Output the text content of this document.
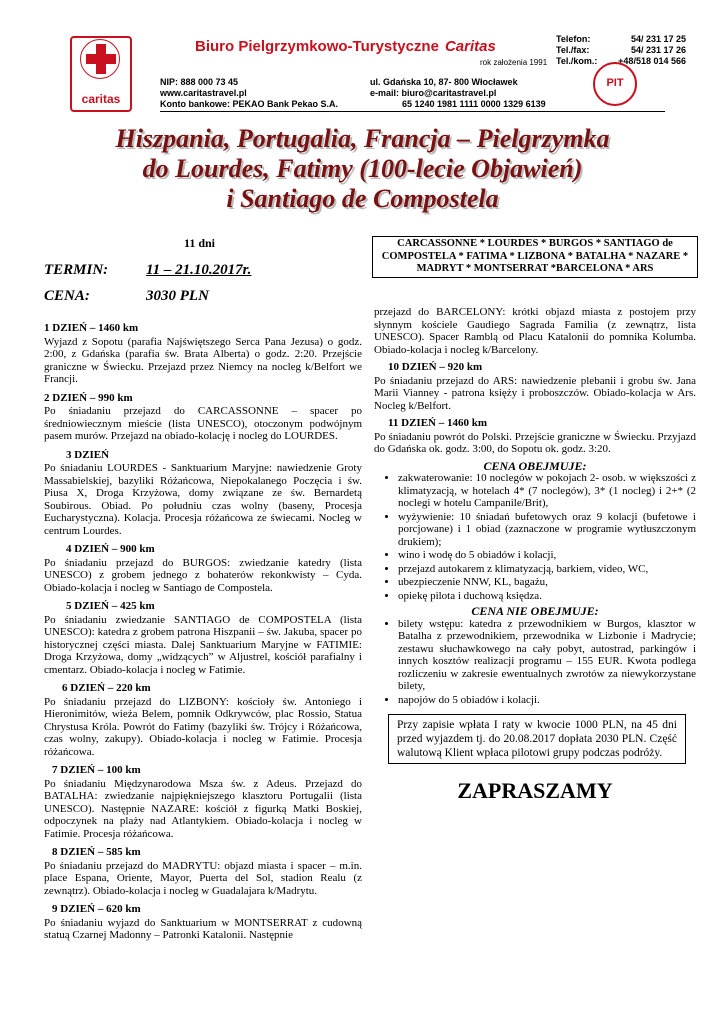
caritas
Biuro Pielgrzymkowo-Turystyczne Caritas
rok założenia 1991
Telefon:	54/ 231 17 25
Tel./fax:	54/ 231 17 26
Tel./kom.: +48/518 014 566
NIP: 888 000 73 45
www.caritastravel.pl
Konto bankowe: PEKAO Bank Pekao S.A.
ul. Gdańska 10, 87- 800 Włocławek
e-mail: biuro@caritastravel.pl
65 1240 1981 1111 0000 1329 6139
PIT
Hiszpania, Portugalia, Francja – Pielgrzymka
do Lourdes, Fatimy (100-lecie Objawień)
i Santiago de Compostela
11 dni
TERMIN:	11 – 21.10.2017r.
CENA:	3030 PLN
CARCASSONNE * LOURDES * BURGOS * SANTIAGO de COMPOSTELA * FATIMA * LIZBONA * BATALHA * NAZARE * MADRYT * MONTSERRAT *BARCELONA * ARS

1 DZIEŃ – 1460 km

Wyjazd z Sopotu (parafia Najświętszego Serca Pana Jezusa) o godz. 2:00, z Gdańska (parafia św. Brata Alberta) o godz. 2:20. Przejście graniczne w Świecku. Przejazd przez Niemcy na nocleg k/Belfort we Francji.

2 DZIEŃ – 990 km

Po śniadaniu przejazd do CARCASSONNE – spacer po średniowiecznym mieście (lista UNESCO), otoczonym podwójnym pasem murów. Przejazd na obiado-kolację i nocleg do LOURDES.

3 DZIEŃ

Po śniadaniu LOURDES - Sanktuarium Maryjne: nawiedzenie Groty Massabielskiej, bazyliki Różańcowa, Niepokalanego Poczęcia i św. Piusa X, Droga Krzyżowa, domy związane ze św. Bernardetą Soubirous. Obiad. Po południu czas wolny (baseny, Procesja Eucharystyczna). Kolacja. Procesja różańcowa ze świecami. Nocleg w centrum Lourdes.

4 DZIEŃ – 900 km

Po śniadaniu przejazd do BURGOS: zwiedzanie katedry (lista UNESCO) z grobem jednego z bohaterów rekonkwisty – Cyda. Obiado-kolacja i nocleg w Santiago de Compostela.

5 DZIEŃ – 425 km

Po śniadaniu zwiedzanie SANTIAGO de COMPOSTELA (lista UNESCO): katedra z grobem patrona Hiszpanii – św. Jakuba, spacer po historycznej części miasta. Dalej Sanktuarium Maryjne w FATIMIE: Droga Krzyżowa, domy „widzących” w Aljustrel, kościół parafialny i cmentarz. Obiado-kolacja i nocleg w Fatimie.

6 DZIEŃ – 220 km

Po śniadaniu przejazd do LIZBONY: kościoły św. Antoniego i Hieronimitów, wieża Belem, pomnik Odkrywców, plac Rossio, Statua Chrystusa Króla. Powrót do Fatimy (bazyliki św. Trójcy i Różańcowa, czas wolny, zakupy). Obiado-kolacja i nocleg w Fatimie. Procesja różańcowa.

7 DZIEŃ – 100 km

Po śniadaniu Międzynarodowa Msza św. z Adeus. Przejazd do BATALHA: zwiedzanie najpiękniejszego klasztoru Portugalii (lista UNESCO). Następnie NAZARE: kościół z figurką Matki Boskiej, odpoczynek na plaży nad Atlantykiem. Obiado-kolacja i nocleg w Fatimie. Procesja różańcowa.

8 DZIEŃ – 585 km

Po śniadaniu przejazd do MADRYTU: objazd miasta i spacer – m.in. place Espana, Oriente, Mayor, Puerta del Sol, stadion Realu (z zewnątrz). Obiado-kolacja i nocleg w Guadalajara k/Madrytu.

9 DZIEŃ – 620 km

Po śniadaniu wyjazd do Sanktuarium w MONTSERRAT z cudowną statuą Czarnej Madonny – Patronki Katalonii. Następnie

przejazd do BARCELONY: krótki objazd miasta z postojem przy słynnym kościele Gaudiego Sagrada Familia (z zewnątrz, lista UNESCO). Spacer Ramblą od Placu Katalonii do pomnika Kolumba. Obiado-kolacja i nocleg k/Barcelony.

10 DZIEŃ – 920 km

Po śniadaniu przejazd do ARS: nawiedzenie plebanii i grobu św. Jana Marii Vianney - patrona księży i proboszczów. Obiado-kolacja w Ars. Nocleg k/Belfort.

11 DZIEŃ – 1460 km

Po śniadaniu powrót do Polski. Przejście graniczne w Świecku. Przyjazd do Gdańska ok. godz. 3:00, do Sopotu ok. godz. 3:20.

CENA OBEJMUJE:
• zakwaterowanie: 10 noclegów w pokojach 2- osob. w większości z klimatyzacją, w hotelach 4* (7 noclegów), 3* (1 nocleg) i 2+* (2 noclegi w hotelu Campanile/Brit),
• wyżywienie: 10 śniadań bufetowych oraz 9 kolacji (bufetowe i porcjowane) i 1 obiad (zaznaczone w programie wytłuszczonym drukiem);
• wino i wodę do 5 obiadów i kolacji,
• przejazd autokarem z klimatyzacją, barkiem, video, WC,
• ubezpieczenie NNW, KL, bagażu,
• opiekę pilota i duchową księdza.
CENA NIE OBEJMUJE:
• bilety wstępu: katedra z przewodnikiem w Burgos, klasztor w Batalha z przewodnikiem, przewodnika w Lizbonie i Madrycie; zestawu słuchawkowego na cały pobyt, autostrad, parkingów i innych kosztów realizacji programu – 155 EUR. Kwota podlega rozliczeniu w zakresie ewentualnych zwrotów za niewykorzystane bilety,
• napojów do 5 obiadów i kolacji.
Przy zapisie wpłata I raty w kwocie 1000 PLN, na 45 dni przed wyjazdem tj. do 20.08.2017 dopłata 2030 PLN. Część walutową Klient wpłaca pilotowi grupy podczas podróży.
ZAPRASZAMY
